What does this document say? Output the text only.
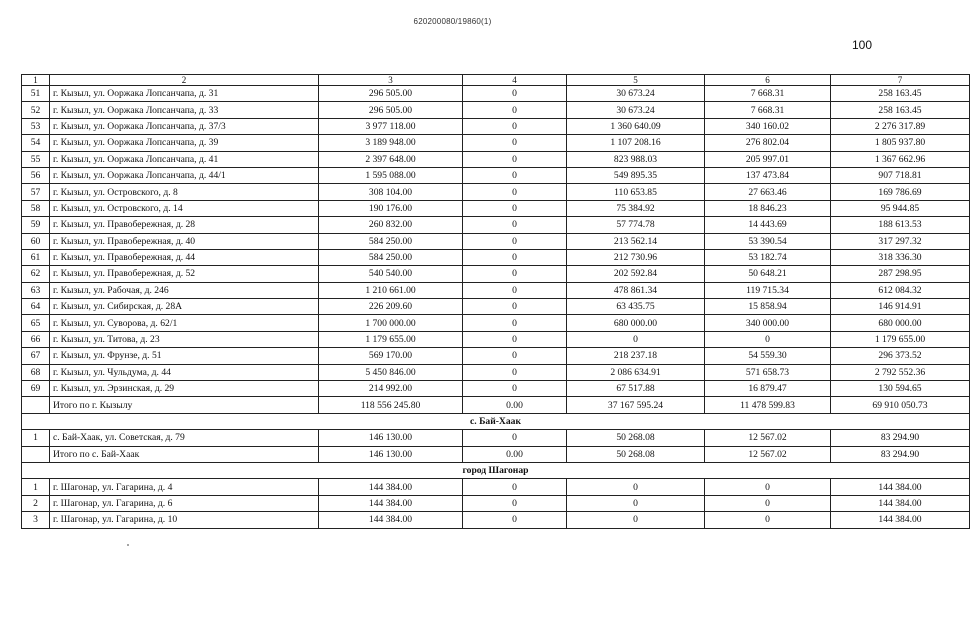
620200080/19860(1)
100
1	2	3	4	5	6	7
51	г. Кызыл, ул. Ооржака Лопсанчапа, д. 31	296 505.00	0	30 673.24	7 668.31	258 163.45
52	г. Кызыл, ул. Ооржака Лопсанчапа, д. 33	296 505.00	0	30 673.24	7 668.31	258 163.45
53	г. Кызыл, ул. Ооржака Лопсанчапа, д. 37/3	3 977 118.00	0	1 360 640.09	340 160.02	2 276 317.89
54	г. Кызыл, ул. Ооржака Лопсанчапа, д. 39	3 189 948.00	0	1 107 208.16	276 802.04	1 805 937.80
55	г. Кызыл, ул. Ооржака Лопсанчапа, д. 41	2 397 648.00	0	823 988.03	205 997.01	1 367 662.96
56	г. Кызыл, ул. Ооржака Лопсанчапа, д. 44/1	1 595 088.00	0	549 895.35	137 473.84	907 718.81
57	г. Кызыл, ул. Островского, д. 8	308 104.00	0	110 653.85	27 663.46	169 786.69
58	г. Кызыл, ул. Островского, д. 14	190 176.00	0	75 384.92	18 846.23	95 944.85
59	г. Кызыл, ул. Правобережная, д. 28	260 832.00	0	57 774.78	14 443.69	188 613.53
60	г. Кызыл, ул. Правобережная, д. 40	584 250.00	0	213 562.14	53 390.54	317 297.32
61	г. Кызыл, ул. Правобережная, д. 44	584 250.00	0	212 730.96	53 182.74	318 336.30
62	г. Кызыл, ул. Правобережная, д. 52	540 540.00	0	202 592.84	50 648.21	287 298.95
63	г. Кызыл, ул. Рабочая, д. 246	1 210 661.00	0	478 861.34	119 715.34	612 084.32
64	г. Кызыл, ул. Сибирская, д. 28А	226 209.60	0	63 435.75	15 858.94	146 914.91
65	г. Кызыл, ул. Суворова, д. 62/1	1 700 000.00	0	680 000.00	340 000.00	680 000.00
66	г. Кызыл, ул. Титова, д. 23	1 179 655.00	0	0	0	1 179 655.00
67	г. Кызыл, ул. Фрунзе, д. 51	569 170.00	0	218 237.18	54 559.30	296 373.52
68	г. Кызыл, ул. Чульдума, д. 44	5 450 846.00	0	2 086 634.91	571 658.73	2 792 552.36
69	г. Кызыл, ул. Эрзинская, д. 29	214 992.00	0	67 517.88	16 879.47	130 594.65
	Итого по г. Кызылу	118 556 245.80	0.00	37 167 595.24	11 478 599.83	69 910 050.73
с. Бай-Хаак						
1	с. Бай-Хаак, ул. Советская, д. 79	146 130.00	0	50 268.08	12 567.02	83 294.90
	Итого по с. Бай-Хаак	146 130.00	0.00	50 268.08	12 567.02	83 294.90
город Шагонар						
1	г. Шагонар, ул. Гагарина, д. 4	144 384.00	0	0	0	144 384.00
2	г. Шагонар, ул. Гагарина, д. 6	144 384.00	0	0	0	144 384.00
3	г. Шагонар, ул. Гагарина, д. 10	144 384.00	0	0	0	144 384.00
